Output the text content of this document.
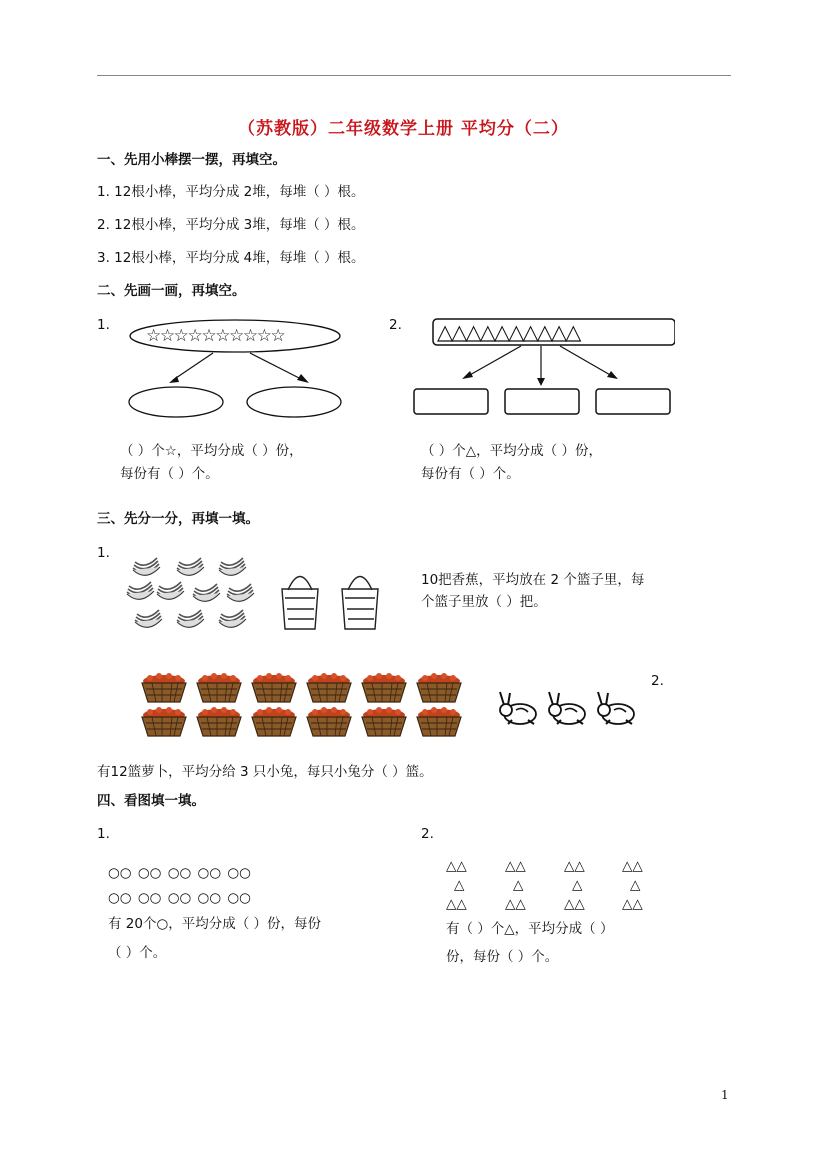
（苏教版）二年级数学上册 平均分（二）
一、先用小棒摆一摆，再填空。
1. 12根小棒，平均分成 2堆，每堆（ ）根。
2. 12根小棒，平均分成 3堆，每堆（ ）根。
3. 12根小棒，平均分成 4堆，每堆（ ）根。
二、先画一画，再填空。
1.
☆☆☆☆☆☆☆☆☆☆
（ ）个☆，平均分成（ ）份，
每份有（ ）个。
2. △△△△△△△△△△
（ ）个△，平均分成（ ）份，
每份有（ ）个。
三、先分一分，再填一填。
1.
10把香蕉，平均放在 2 个篮子里，每
个篮子里放（ ）把。
2.
有12篮萝卜，平均分给 3 只小兔，每只小兔分（ ）篮。
四、看图填一填。
1.
○○ ○○ ○○ ○○ ○○
○○ ○○ ○○ ○○ ○○
有 20个○，平均分成（ ）份，每份
（ ）个。
2.
△△
△
△△
△△
△
△△
△△
△
△△
△△
△
△△
有（ ）个△，平均分成（ ）
份，每份（ ）个。
1
